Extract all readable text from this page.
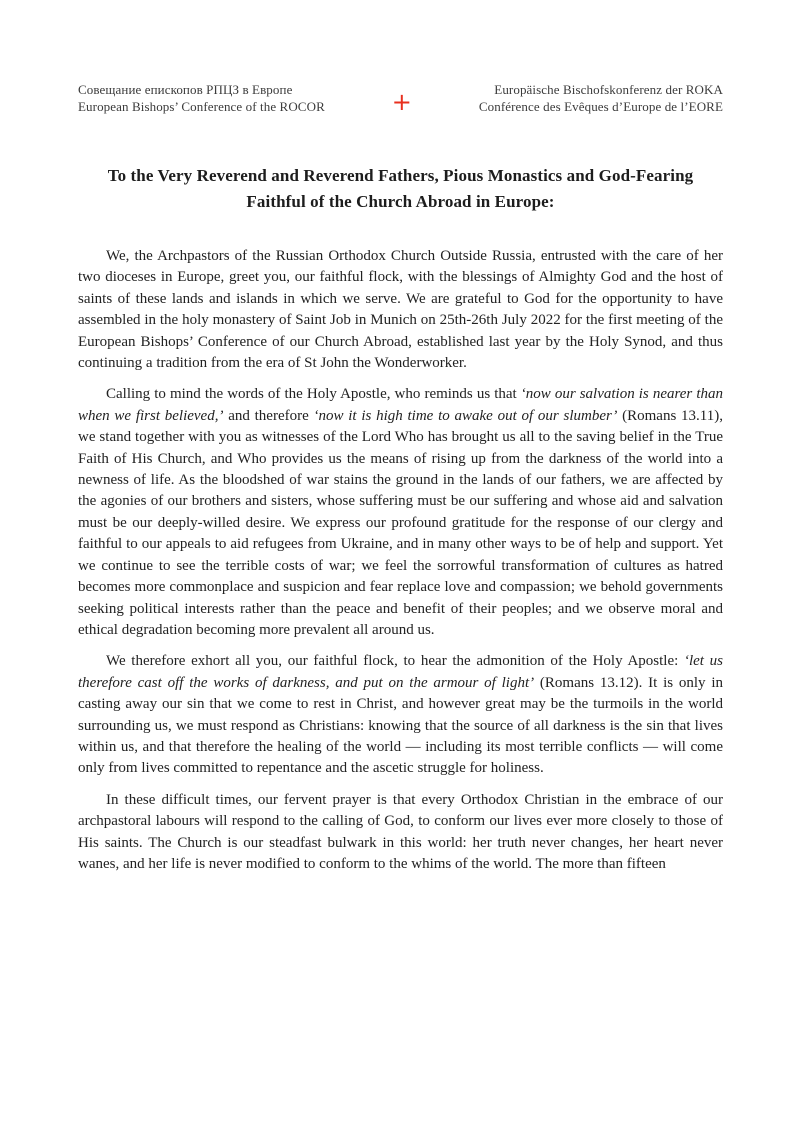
Совещание епископов РПЦЗ в Европе
European Bishops’ Conference of the ROCOR	+	Europäische Bischofskonferenz der ROKA
Conférence des Evêques d’Europe de l’EORE
To the Very Reverend and Reverend Fathers, Pious Monastics and God-Fearing Faithful of the Church Abroad in Europe:

We, the Archpastors of the Russian Orthodox Church Outside Russia, entrusted with the care of her two dioceses in Europe, greet you, our faithful flock, with the blessings of Almighty God and the host of saints of these lands and islands in which we serve. We are grateful to God for the opportunity to have assembled in the holy monastery of Saint Job in Munich on 25th-26th July 2022 for the first meeting of the European Bishops’ Conference of our Church Abroad, established last year by the Holy Synod, and thus continuing a tradition from the era of St John the Wonderworker.

Calling to mind the words of the Holy Apostle, who reminds us that ‘now our salvation is nearer than when we first believed,’ and therefore ‘now it is high time to awake out of our slumber’ (Romans 13.11), we stand together with you as witnesses of the Lord Who has brought us all to the saving belief in the True Faith of His Church, and Who provides us the means of rising up from the darkness of the world into a newness of life. As the bloodshed of war stains the ground in the lands of our fathers, we are affected by the agonies of our brothers and sisters, whose suffering must be our suffering and whose aid and salvation must be our deeply-willed desire. We express our profound gratitude for the response of our clergy and faithful to our appeals to aid refugees from Ukraine, and in many other ways to be of help and support. Yet we continue to see the terrible costs of war; we feel the sorrowful transformation of cultures as hatred becomes more commonplace and suspicion and fear replace love and compassion; we behold governments seeking political interests rather than the peace and benefit of their peoples; and we observe moral and ethical degradation becoming more prevalent all around us.

We therefore exhort all you, our faithful flock, to hear the admonition of the Holy Apostle: ‘let us therefore cast off the works of darkness, and put on the armour of light’ (Romans 13.12). It is only in casting away our sin that we come to rest in Christ, and however great may be the turmoils in the world surrounding us, we must respond as Christians: knowing that the source of all darkness is the sin that lives within us, and that therefore the healing of the world — including its most terrible conflicts — will come only from lives committed to repentance and the ascetic struggle for holiness.

In these difficult times, our fervent prayer is that every Orthodox Christian in the embrace of our archpastoral labours will respond to the calling of God, to conform our lives ever more closely to those of His saints. The Church is our steadfast bulwark in this world: her truth never changes, her heart never wanes, and her life is never modified to conform to the whims of the world. The more than fifteen
